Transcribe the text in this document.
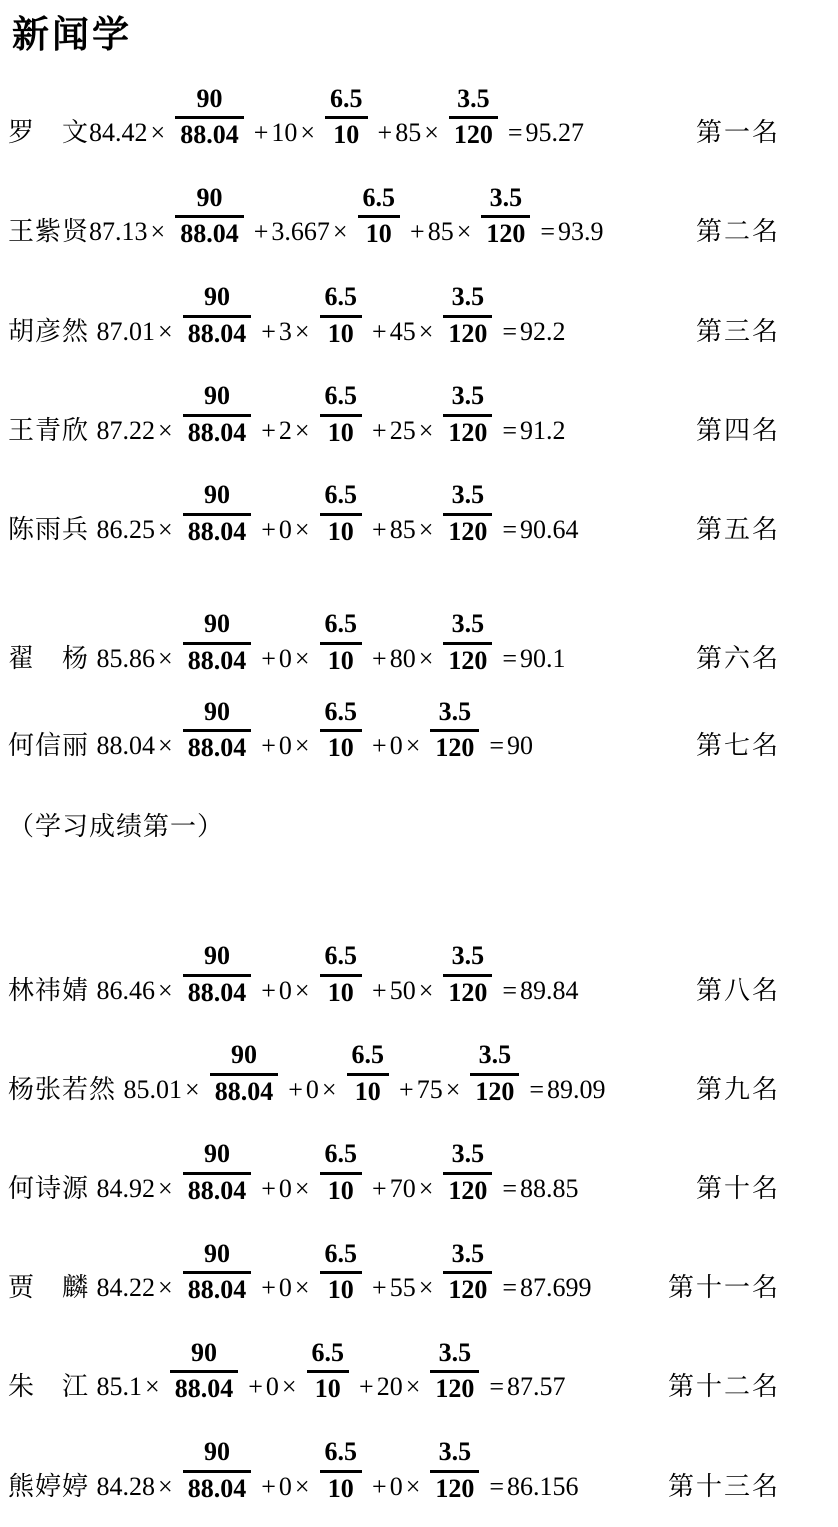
新闻学
罗　文 $84.42 \times \frac{90}{88.04} + 10 \times \frac{6.5}{10} + 85 \times \frac{3.5}{120} = 95.27$	第一名
王紫贤 $87.13 \times \frac{90}{88.04} + 3.667 \times \frac{6.5}{10} + 85 \times \frac{3.5}{120} = 93.9$	第二名
胡彦然 $87.01 \times \frac{90}{88.04} + 3 \times \frac{6.5}{10} + 45 \times \frac{3.5}{120} = 92.2$	第三名
王青欣 $87.22 \times \frac{90}{88.04} + 2 \times \frac{6.5}{10} + 25 \times \frac{3.5}{120} = 91.2$	第四名
陈雨兵 $86.25 \times \frac{90}{88.04} + 0 \times \frac{6.5}{10} + 85 \times \frac{3.5}{120} = 90.64$	第五名
翟　杨 $85.86 \times \frac{90}{88.04} + 0 \times \frac{6.5}{10} + 80 \times \frac{3.5}{120} = 90.1$	第六名
何信丽 $88.04 \times \frac{90}{88.04} + 0 \times \frac{6.5}{10} + 0 \times \frac{3.5}{120} = 90$	第七名
（学习成绩第一）
林祎婧 $86.46 \times \frac{90}{88.04} + 0 \times \frac{6.5}{10} + 50 \times \frac{3.5}{120} = 89.84$	第八名
杨张若然 $85.01 \times \frac{90}{88.04} + 0 \times \frac{6.5}{10} + 75 \times \frac{3.5}{120} = 89.09$	第九名
何诗源 $84.92 \times \frac{90}{88.04} + 0 \times \frac{6.5}{10} + 70 \times \frac{3.5}{120} = 88.85$	第十名
贾　麟 $84.22 \times \frac{90}{88.04} + 0 \times \frac{6.5}{10} + 55 \times \frac{3.5}{120} = 87.699$	第十一名
朱　江 $85.1 \times \frac{90}{88.04} + 0 \times \frac{6.5}{10} + 20 \times \frac{3.5}{120} = 87.57$	第十二名
熊婷婷 $84.28 \times \frac{90}{88.04} + 0 \times \frac{6.5}{10} + 0 \times \frac{3.5}{120} = 86.156$	第十三名
